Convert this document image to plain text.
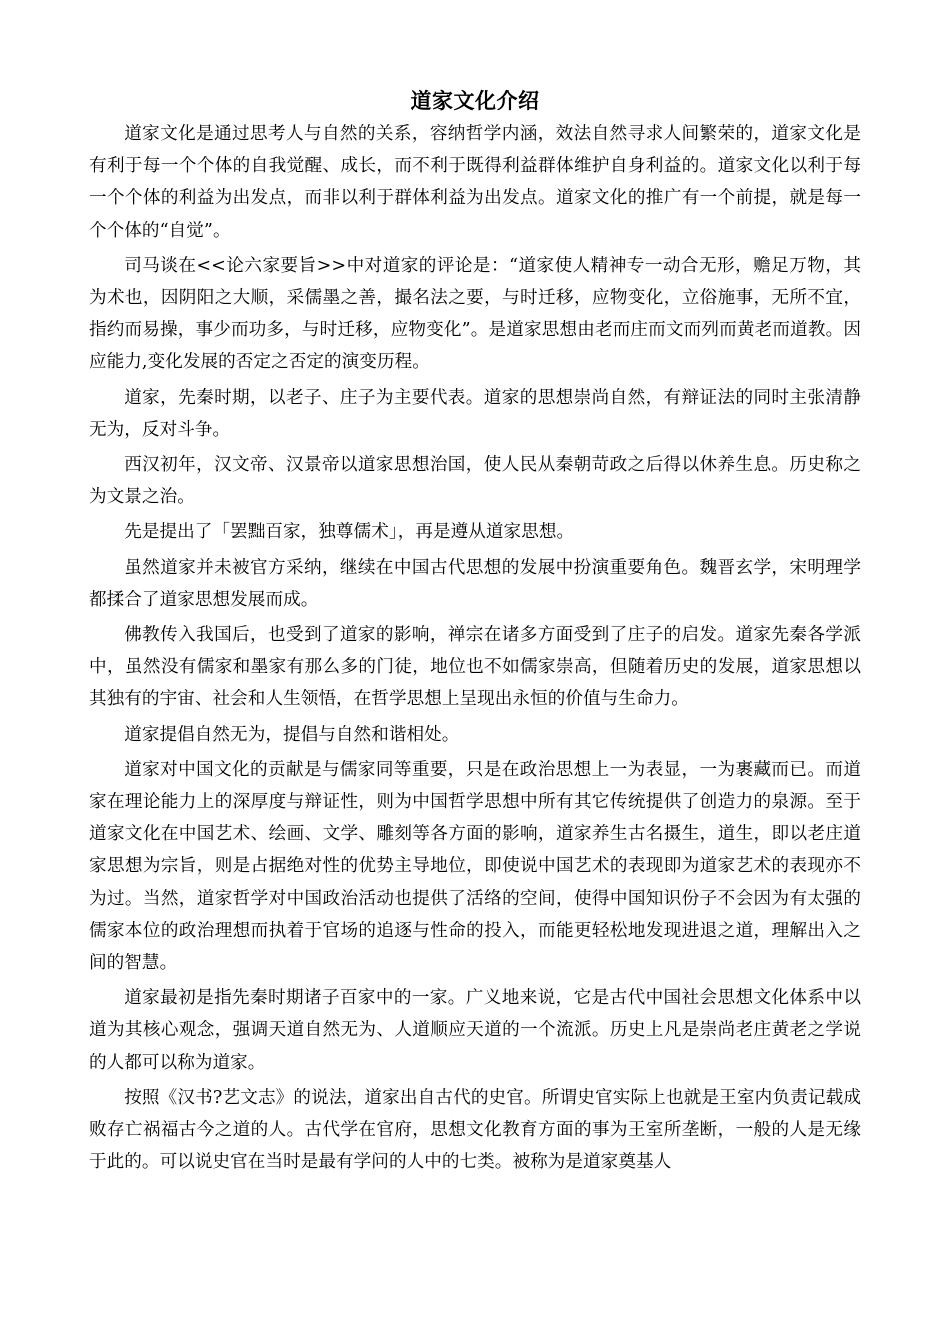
道家文化介绍

道家文化是通过思考人与自然的关系，容纳哲学内涵，效法自然寻求人间繁荣的，道家文化是有利于每一个个体的自我觉醒、成长，而不利于既得利益群体维护自身利益的。道家文化以利于每一个个体的利益为出发点，而非以利于群体利益为出发点。道家文化的推广有一个前提，就是每一个个体的“自觉”。

司马谈在<<论六家要旨>>中对道家的评论是：“道家使人精神专一动合无形，赡足万物，其为术也，因阴阳之大顺，采儒墨之善，撮名法之要，与时迁移，应物变化，立俗施事，无所不宜，指约而易操，事少而功多，与时迁移，应物变化”。是道家思想由老而庄而文而列而黄老而道教。因应能力,变化发展的否定之否定的演变历程。

道家，先秦时期，以老子、庄子为主要代表。道家的思想崇尚自然，有辩证法的同时主张清静无为，反对斗争。

西汉初年，汉文帝、汉景帝以道家思想治国，使人民从秦朝苛政之后得以休养生息。历史称之为文景之治。

先是提出了「罢黜百家，独尊儒术」，再是遵从道家思想。

虽然道家并未被官方采纳，继续在中国古代思想的发展中扮演重要角色。魏晋玄学，宋明理学都揉合了道家思想发展而成。

佛教传入我国后，也受到了道家的影响，禅宗在诸多方面受到了庄子的启发。道家先秦各学派中，虽然没有儒家和墨家有那么多的门徒，地位也不如儒家崇高，但随着历史的发展，道家思想以其独有的宇宙、社会和人生领悟，在哲学思想上呈现出永恒的价值与生命力。

道家提倡自然无为，提倡与自然和谐相处。

道家对中国文化的贡献是与儒家同等重要，只是在政治思想上一为表显，一为裹藏而已。而道家在理论能力上的深厚度与辩证性，则为中国哲学思想中所有其它传统提供了创造力的泉源。至于道家文化在中国艺术、绘画、文学、雕刻等各方面的影响，道家养生古名摄生，道生，即以老庄道家思想为宗旨，则是占据绝对性的优势主导地位，即使说中国艺术的表现即为道家艺术的表现亦不为过。当然，道家哲学对中国政治活动也提供了活络的空间，使得中国知识份子不会因为有太强的儒家本位的政治理想而执着于官场的追逐与性命的投入，而能更轻松地发现进退之道，理解出入之间的智慧。

道家最初是指先秦时期诸子百家中的一家。广义地来说，它是古代中国社会思想文化体系中以道为其核心观念，强调天道自然无为、人道顺应天道的一个流派。历史上凡是崇尚老庄黄老之学说的人都可以称为道家。

按照《汉书?艺文志》的说法，道家出自古代的史官。所谓史官实际上也就是王室内负责记载成败存亡祸福古今之道的人。古代学在官府，思想文化教育方面的事为王室所垄断，一般的人是无缘于此的。可以说史官在当时是最有学问的人中的七类。被称为是道家奠基人
